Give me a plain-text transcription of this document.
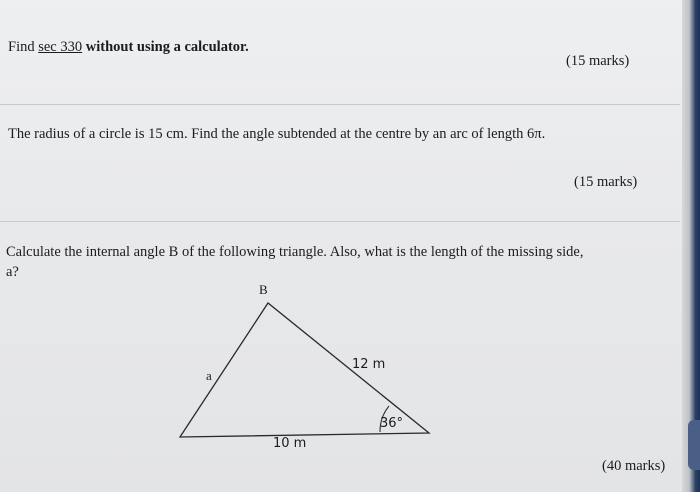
Find sec 330 without using a calculator.
(15 marks)
The radius of a circle is 15 cm. Find the angle subtended at the centre by an arc of length 6π.
(15 marks)
Calculate the internal angle B of the following triangle. Also, what is the length of the missing side,
a?
B
a
12 m
36°
10 m
(40 marks)
